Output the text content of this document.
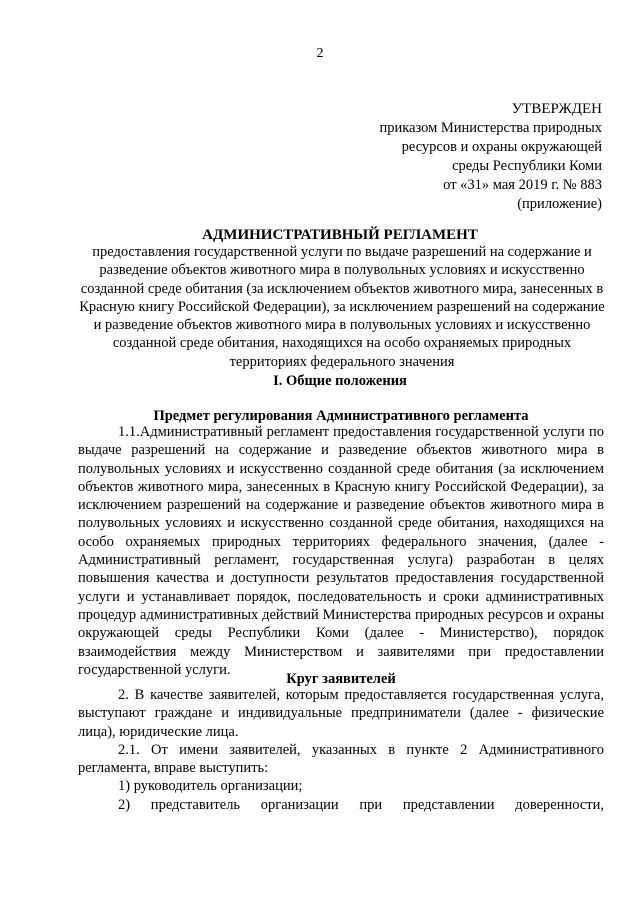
2
УТВЕРЖДЕН
приказом Министерства природных
ресурсов и охраны окружающей
среды Республики Коми
от «31» мая 2019 г. № 883
(приложение)
АДМИНИСТРАТИВНЫЙ РЕГЛАМЕНТ
предоставления государственной услуги по выдаче разрешений на содержание и разведение объектов животного мира в полувольных условиях и искусственно созданной среде обитания (за исключением объектов животного мира, занесенных в Красную книгу Российской Федерации), за исключением разрешений на содержание и разведение объектов животного мира в полувольных условиях и искусственно созданной среде обитания, находящихся на особо охраняемых природных территориях федерального значения
I. Общие положения
Предмет регулирования Административного регламента

1.1.Административный регламент предоставления государственной услуги по выдаче разрешений на содержание и разведение объектов животного мира в полувольных условиях и искусственно созданной среде обитания (за исключением объектов животного мира, занесенных в Красную книгу Российской Федерации), за исключением разрешений на содержание и разведение объектов животного мира в полувольных условиях и искусственно созданной среде обитания, находящихся на особо охраняемых природных территориях федерального значения, (далее - Административный регламент, государственная услуга) разработан в целях повышения качества и доступности результатов предоставления государственной услуги и устанавливает порядок, последовательность и сроки административных процедур административных действий Министерства природных ресурсов и охраны окружающей среды Республики Коми (далее - Министерство), порядок взаимодействия между Министерством и заявителями при предоставлении государственной услуги.

Круг заявителей

2. В качестве заявителей, которым предоставляется государственная услуга, выступают граждане и индивидуальные предприниматели (далее - физические лица), юридические лица.

2.1. От имени заявителей, указанных в пункте 2 Административного регламента, вправе выступить:

1) руководитель организации;

2) представитель организации при представлении доверенности,
